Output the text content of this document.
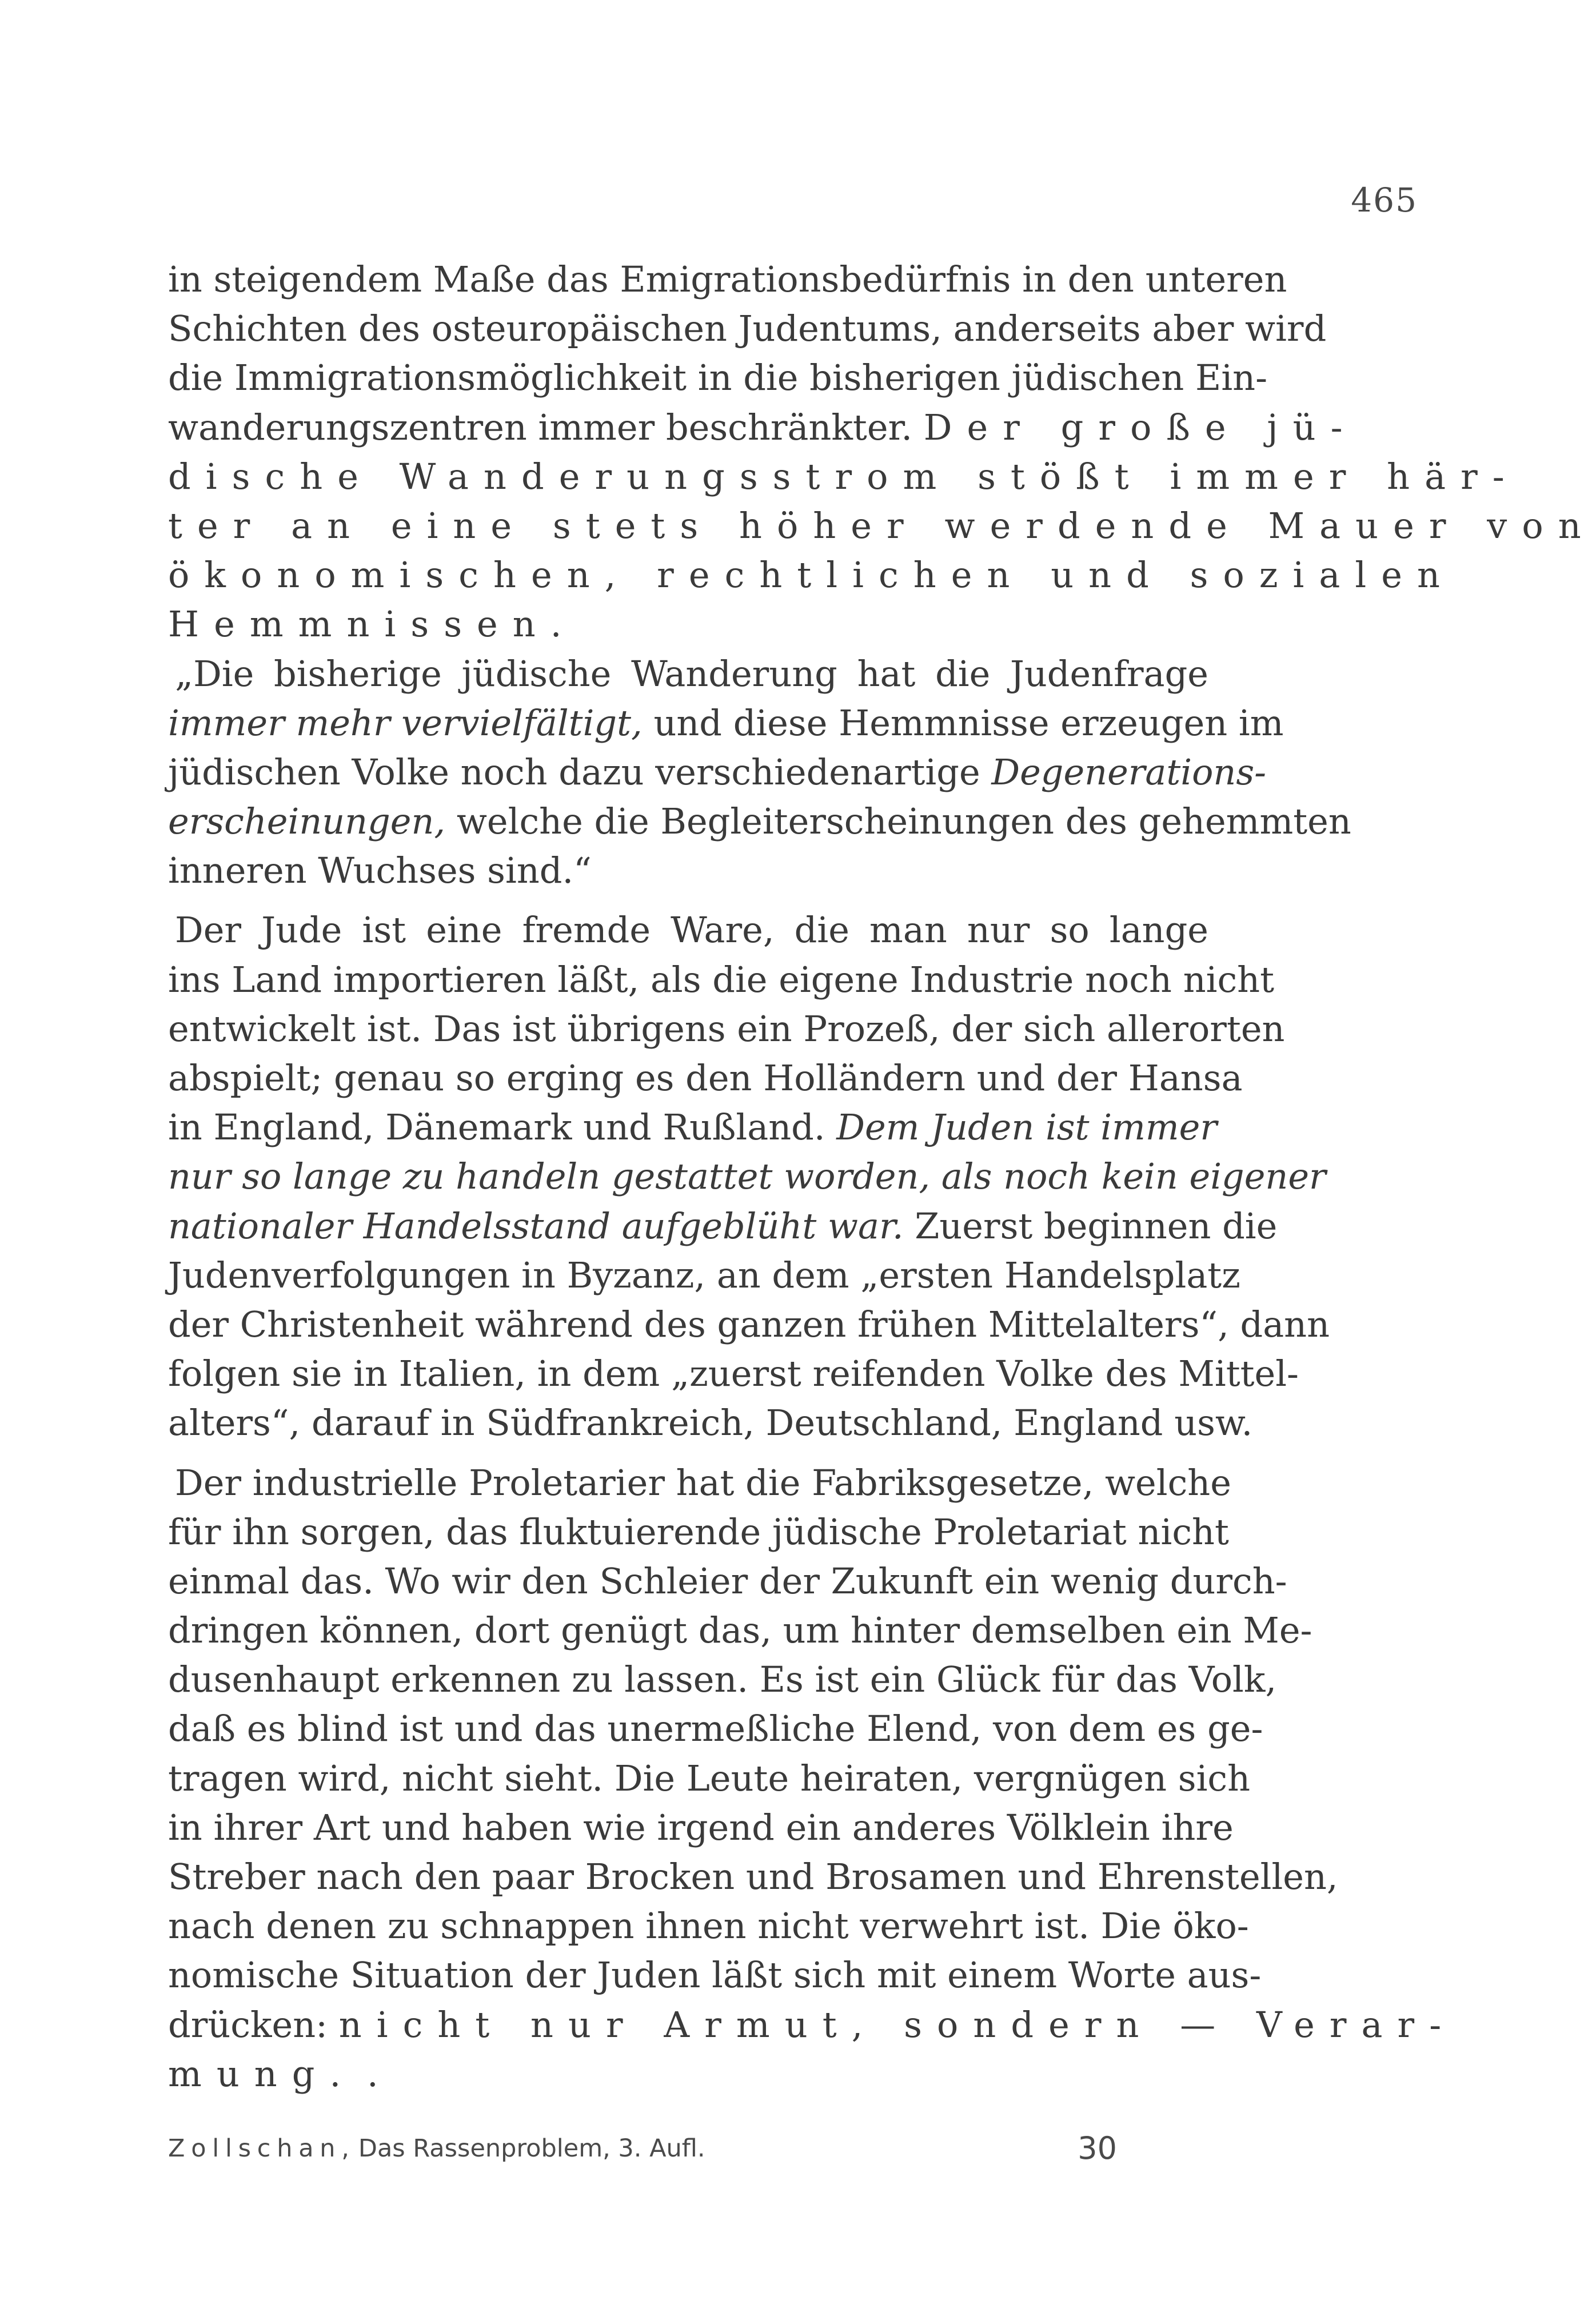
465
in steigendem Maße das Emigrationsbedürfnis in den unteren
Schichten des osteuropäischen Judentums, anderseits aber wird
die Immigrationsmöglichkeit in die bisherigen jüdischen Ein-
wanderungszentren immer beschränkter. Der große jü-
dische Wanderungsstrom stößt immer här-
ter an eine stets höher werdende Mauer von
ökonomischen, rechtlichen und sozialen
Hemmnissen.
„Die bisherige jüdische Wanderung hat die Judenfrage
immer mehr vervielfältigt, und diese Hemmnisse erzeugen im
jüdischen Volke noch dazu verschiedenartige Degenerations-
erscheinungen, welche die Begleiterscheinungen des gehemmten
inneren Wuchses sind.“
Der Jude ist eine fremde Ware, die man nur so lange
ins Land importieren läßt, als die eigene Industrie noch nicht
entwickelt ist. Das ist übrigens ein Prozeß, der sich allerorten
abspielt; genau so erging es den Holländern und der Hansa
in England, Dänemark und Rußland. Dem Juden ist immer
nur so lange zu handeln gestattet worden, als noch kein eigener
nationaler Handelsstand aufgeblüht war. Zuerst beginnen die
Judenverfolgungen in Byzanz, an dem „ersten Handelsplatz
der Christenheit während des ganzen frühen Mittelalters“, dann
folgen sie in Italien, in dem „zuerst reifenden Volke des Mittel-
alters“, darauf in Südfrankreich, Deutschland, England usw.
Der industrielle Proletarier hat die Fabriksgesetze, welche
für ihn sorgen, das fluktuierende jüdische Proletariat nicht
einmal das. Wo wir den Schleier der Zukunft ein wenig durch-
dringen können, dort genügt das, um hinter demselben ein Me-
dusenhaupt erkennen zu lassen. Es ist ein Glück für das Volk,
daß es blind ist und das unermeßliche Elend, von dem es ge-
tragen wird, nicht sieht. Die Leute heiraten, vergnügen sich
in ihrer Art und haben wie irgend ein anderes Völklein ihre
Streber nach den paar Brocken und Brosamen und Ehrenstellen,
nach denen zu schnappen ihnen nicht verwehrt ist. Die öko-
nomische Situation der Juden läßt sich mit einem Worte aus-
drücken: nicht nur Armut, sondern — Verar-
mung. .
Zollschan, Das Rassenproblem, 3. Aufl.	30
